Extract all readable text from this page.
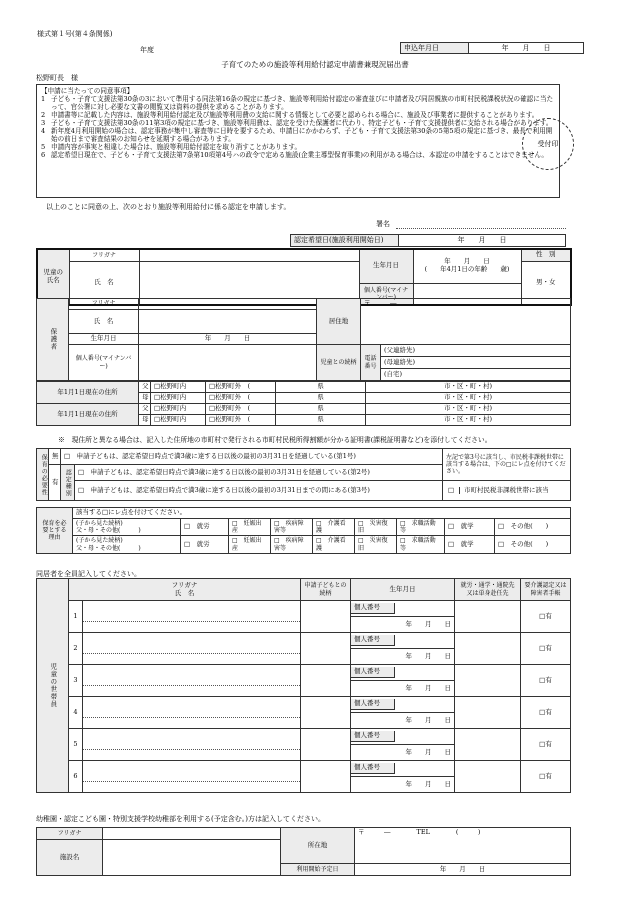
様式第１号(第４条関係)
年度	申込年月日	年　　月　　日
子育てのための施設等利用給付認定申請書兼現況届出書
松野町長　様
【申請に当たっての同意事項】
1 子ども・子育て支援法第30条の3において準用する同法第16条の規定に基づき、施設等利用給付認定の審査並びに申請者及び同居親族の市町村民税課税状況の確認に当たって、官公署に対し必要な文書の閲覧又は資料の提供を求めることがあります。
2 申請書等に記載した内容は、施設等利用給付認定及び施設等利用費の支給に関する情報として必要と認められる場合に、施設及び事業者に提供することがあります。
3 子ども・子育て支援法第30条の11第3項の規定に基づき、施設等利用費は、認定を受けた保護者に代わり、特定子ども・子育て支援提供者に支給される場合があります。
4 新年度4月利用開始の場合は、認定事務が集中し審査等に日時を要するため、申請日にかかわらず、子ども・子育て支援法第30条の5第5項の規定に基づき、最長で利用開始の前日まで審査結果のお知らせを延期する場合があります。
5 申請内容が事実と相違した場合は、施設等利用給付認定を取り消すことがあります。
6 認定希望日現在で、子ども・子育て支援法第7条第10項第4号ハの政令で定める施設(企業主導型保育事業)の利用がある場合は、本認定の申請をすることはできません。
受付印
以上のことに同意の上、次のとおり施設等利用給付に係る認定を申請します。
署名
認定希望日(施設利用開始日)	年　　月　　日
児童の氏名	フリガナ		生年月日	年　　月　　日
(　　年4月1日の年齢　　歳)	性　別
	氏　名				男・女
			個人番号(マイナンバー)		

保護者	フリガナ		居住地	〒　　　―	
	氏　名				
	生年月日	年　　月　　日			
	個人番号(マイナンバー)		児童との続柄	電話番号	(父連絡先)
					(母連絡先)
					(自宅)
年1月1日現在の住所	父	□松野町内	□松野町外　(	県	市・区・町・村)
	母	□松野町内	□松野町外　(	県	市・区・町・村)
年1月1日現在の住所	父	□松野町内	□松野町外　(	県	市・区・町・村)
	母	□松野町内	□松野町外　(	県	市・区・町・村)
※　現住所と異なる場合は、記入した住所地の市町村で発行される市町村民税所得割額が分かる証明書(課税証明書など)を添付してください。
保育の必要性	無	□　申請子どもは、認定希望日時点で満3歳に達する日以後の最初の3月31日を経過している(第1号)		左記で第3号に該当し、市民税非課税世帯に該当する場合は、下の□にレ点を付けてください。
	有	認定種別	□　申請子どもは、認定希望日時点で満3歳に達する日以後の最初の3月31日を経過している(第2号)	
			□　申請子どもは、認定希望日時点で満3歳に達する日以後の最初の3月31日までの間にある(第3号)	□ 市町村民税非課税世帯に該当

保育を必要とする理由	該当する□にレ点を付けてください。								

	(子から見た続柄)
父・母・その他(　　　)	□　就労	□　妊娠出産	□　疾病障害等	□　介護看護	□　災害復旧	□　求職活動等	□　就学	□　その他(　　)

	(子から見た続柄)
父・母・その他(　　　)	□　就労	□　妊娠出産	□　疾病障害等	□　介護看護	□　災害復旧	□　求職活動等	□　就学	□　その他(　　)
同居者を全員記入してください。
児童の世帯員	フリガナ
氏　名		申請子どもとの続柄	生年月日	就労・通学・通院先又は単身赴任先	要介護認定又は障害者手帳
	1			個人番号		□有
				年　　月　　日		
	2			個人番号		□有
				年　　月　　日		
	3			個人番号		□有
				年　　月　　日		
	4			個人番号		□有
				年　　月　　日		
	5			個人番号		□有
				年　　月　　日		
	6			個人番号		□有
				年　　月　　日		
幼稚園・認定こども園・特別支援学校幼稚部を利用する(予定含む。)方は記入してください。
フリガナ		所在地	〒　　　―　　　　 TEL　　　　(　　　)
施設名			
		利用開始予定日	年　　月　　日
